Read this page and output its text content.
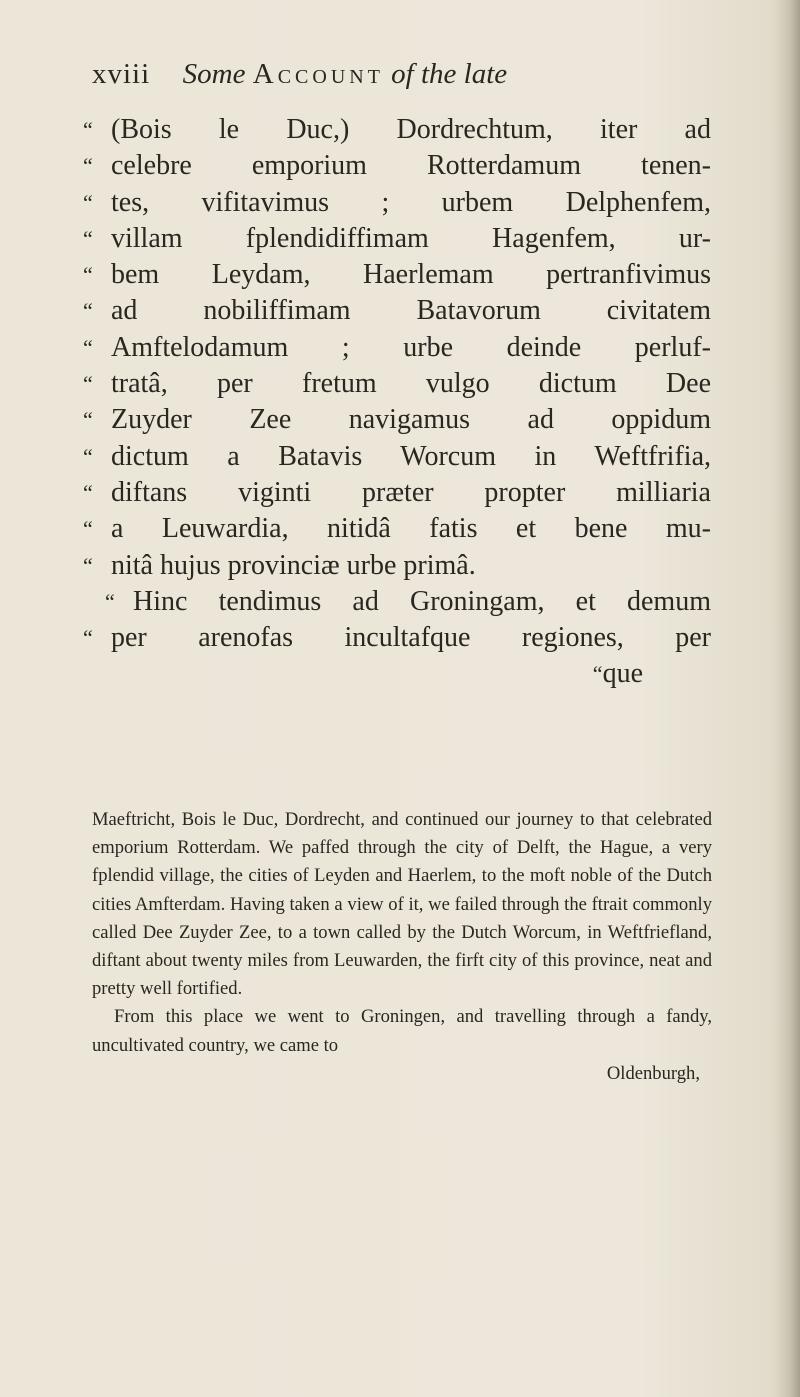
xviii Some Account of the late
“ (Bois le Duc,) Dordrechtum, iter ad
“ celebre emporium Rotterdamum tenen-
“ tes, vifitavimus ; urbem Delphenfem,
“ villam fplendidiffimam Hagenfem, ur-
“ bem Leydam, Haerlemam pertranfivimus
“ ad nobiliffimam Batavorum civitatem
“ Amftelodamum ; urbe deinde perluf-
“ tratâ, per fretum vulgo dictum Dee
“ Zuyder Zee navigamus ad oppidum
“ dictum a Batavis Worcum in Weftfrifia,
“ diftans viginti prӕter propter milliaria
“ a Leuwardia, nitidâ fatis et bene mu-
“ nitâ hujus provinciӕ urbe primâ.
“ Hinc tendimus ad Groningam, et demum
“ per arenofas incultafque regiones, per
“que

Maeftricht, Bois le Duc, Dordrecht, and continued our journey to that celebrated emporium Rotterdam. We paffed through the city of Delft, the Hague, a very fplendid village, the cities of Leyden and Haerlem, to the moft noble of the Dutch cities Amfterdam. Having taken a view of it, we failed through the ftrait commonly called Dee Zuyder Zee, to a town called by the Dutch Worcum, in Weftfriefland, diftant about twenty miles from Leuwarden, the firft city of this province, neat and pretty well fortified.

From this place we went to Groningen, and travelling through a fandy, uncultivated country, we came to

Oldenburgh,
